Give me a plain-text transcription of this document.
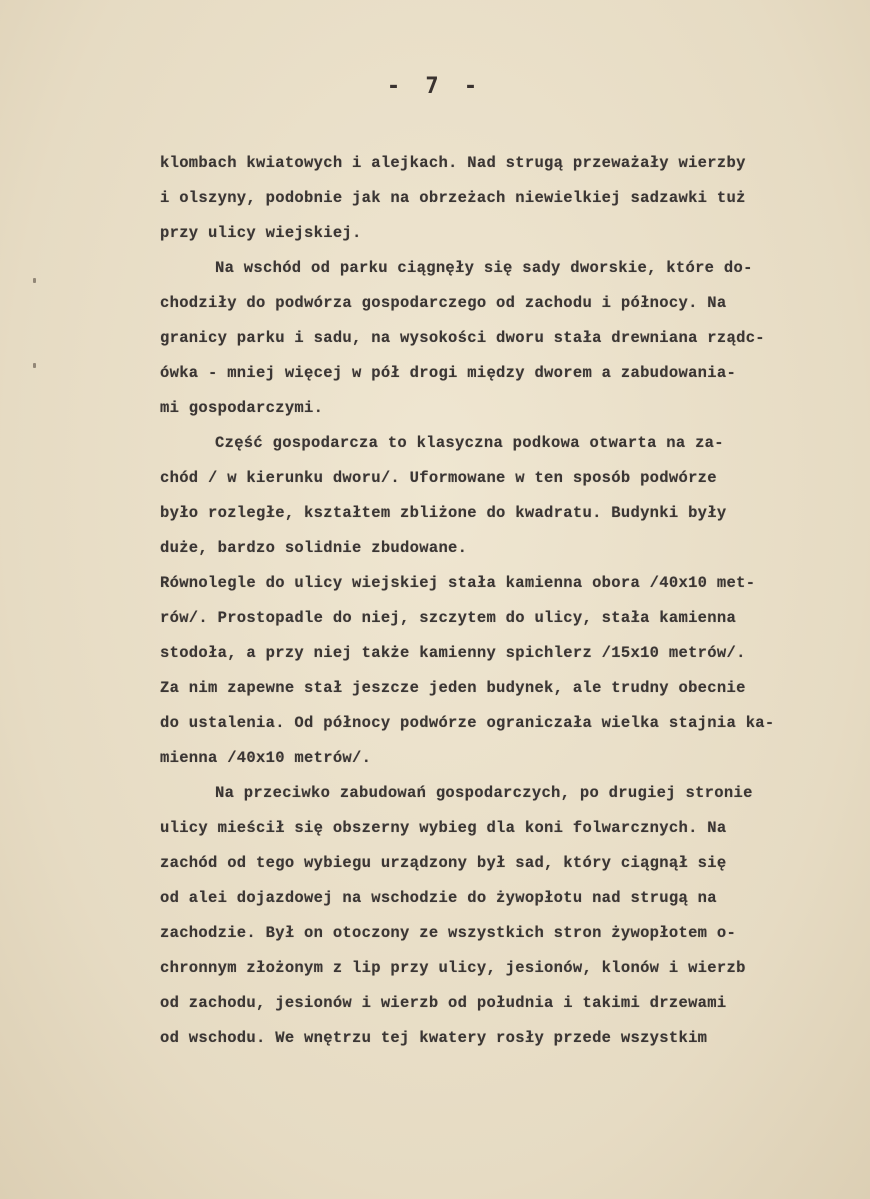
- 7 -
klombach kwiatowych i alejkach. Nad strugą przeważały wierzby
i olszyny, podobnie jak na obrzeżach niewielkiej sadzawki tuż
przy ulicy wiejskiej.
Na wschód od parku ciągnęły się sady dworskie, które do-
chodziły do podwórza gospodarczego od zachodu i północy. Na
granicy parku i sadu, na wysokości dworu stała drewniana rządc-
ówka - mniej więcej w pół drogi między dworem a zabudowania-
mi gospodarczymi.
Część gospodarcza to klasyczna podkowa otwarta na za-
chód / w kierunku dworu/. Uformowane w ten sposób podwórze
było rozległe, kształtem zbliżone do kwadratu. Budynki były
duże, bardzo solidnie zbudowane.
Równolegle do ulicy wiejskiej stała kamienna obora /40x10 met-
rów/. Prostopadle do niej, szczytem do ulicy, stała kamienna
stodoła, a przy niej także kamienny spichlerz /15x10 metrów/.
Za nim zapewne stał jeszcze jeden budynek, ale trudny obecnie
do ustalenia. Od północy podwórze ograniczała wielka stajnia ka-
mienna /40x10 metrów/.
Na przeciwko zabudowań gospodarczych, po drugiej stronie
ulicy mieścił się obszerny wybieg dla koni folwarcznych. Na
zachód od tego wybiegu urządzony był sad, który ciągnął się
od alei dojazdowej na wschodzie do żywopłotu nad strugą na
zachodzie. Był on otoczony ze wszystkich stron żywopłotem o-
chronnym złożonym z lip przy ulicy, jesionów, klonów i wierzb
od zachodu, jesionów i wierzb od południa i takimi drzewami
od wschodu. We wnętrzu tej kwatery rosły przede wszystkim
